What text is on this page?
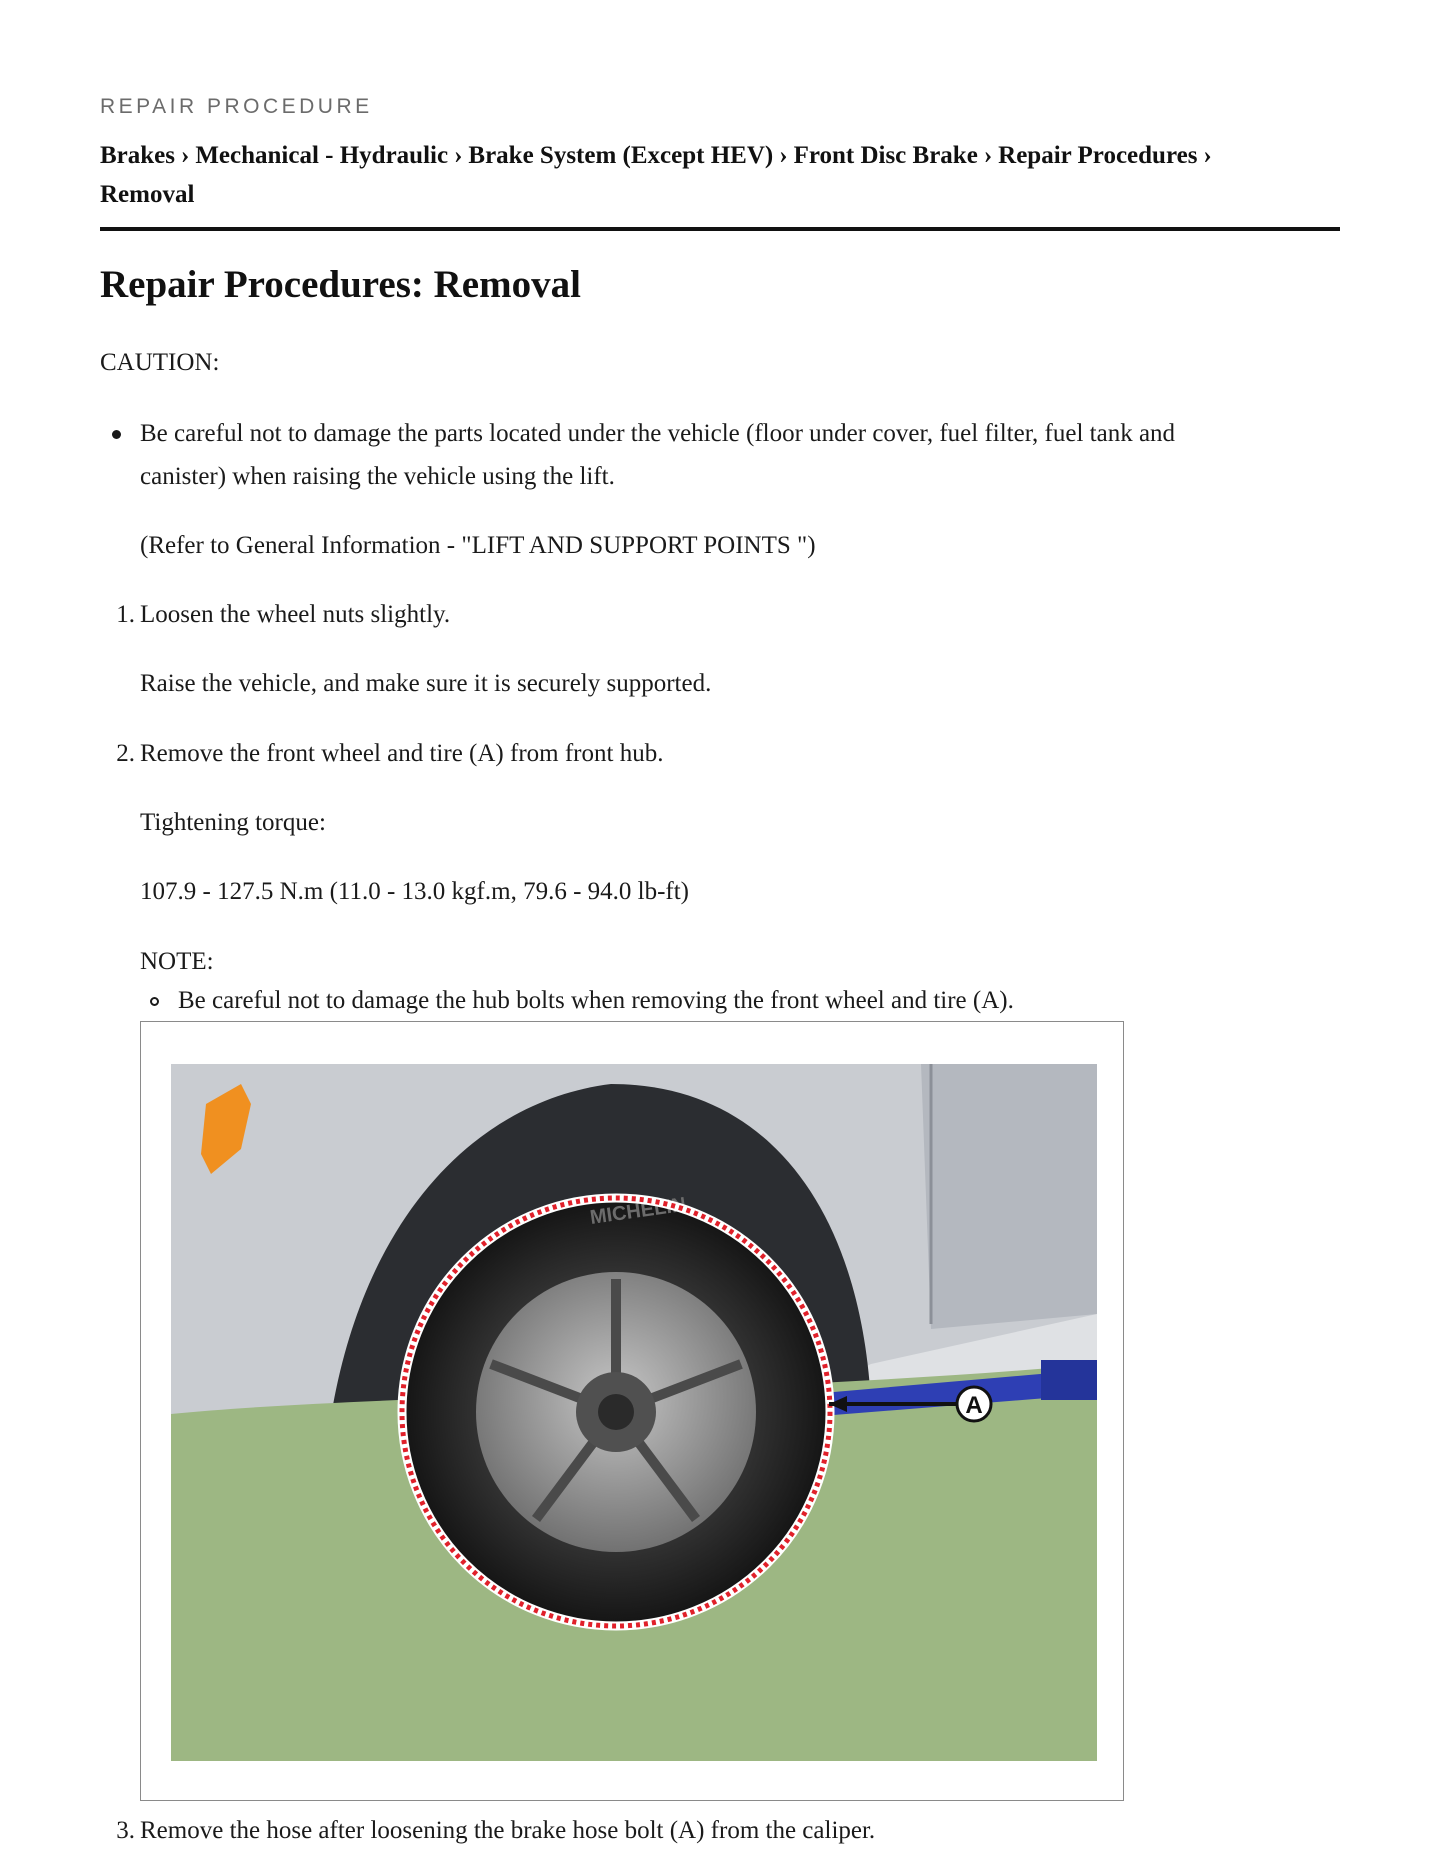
REPAIR PROCEDURE
Brakes › Mechanical - Hydraulic › Brake System (Except HEV) › Front Disc Brake › Repair Procedures ›
Removal
Repair Procedures: Removal

CAUTION:

Be careful not to damage the parts located under the vehicle (floor under cover, fuel filter, fuel tank and

canister) when raising the vehicle using the lift.

(Refer to General Information - "LIFT AND SUPPORT POINTS ")

1. Loosen the wheel nuts slightly.

Raise the vehicle, and make sure it is securely supported.

2. Remove the front wheel and tire (A) from front hub.

Tightening torque:

107.9 - 127.5 N.m (11.0 - 13.0 kgf.m, 79.6 - 94.0 lb-ft)

NOTE:

Be careful not to damage the hub bolts when removing the front wheel and tire (A).

MICHELIN
A
3. Remove the hose after loosening the brake hose bolt (A) from the caliper.
